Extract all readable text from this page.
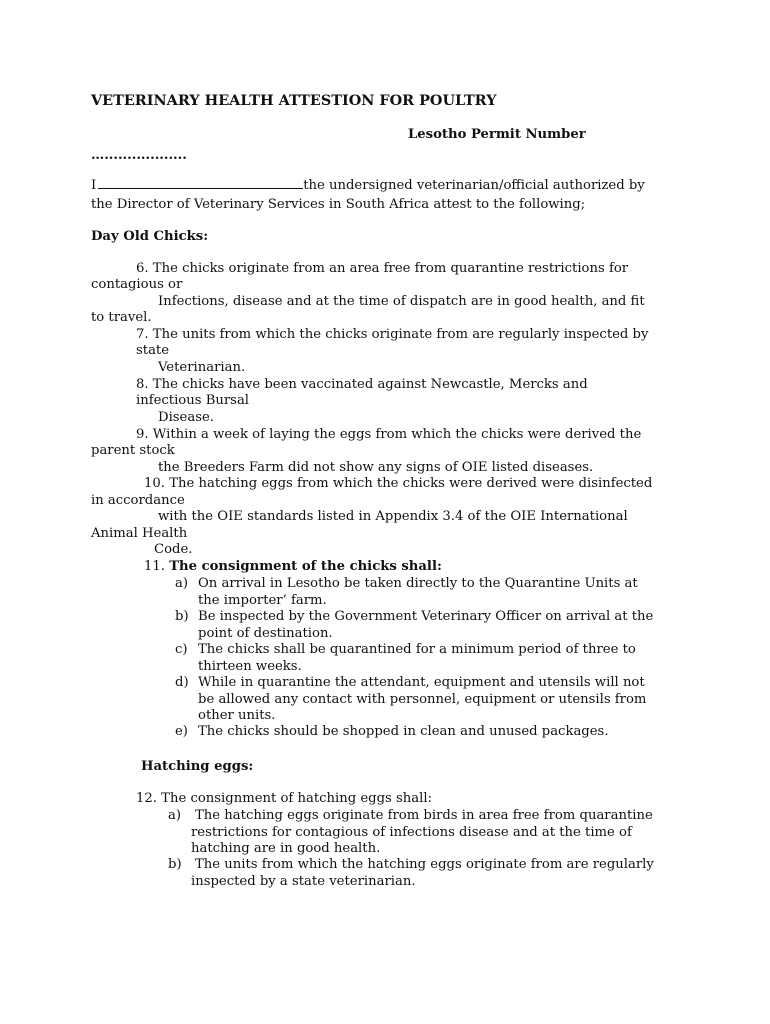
VETERINARY HEALTH ATTESTION FOR POULTRY
Lesotho Permit Number
…..................
I	the undersigned veterinarian/official authorized by
the Director of Veterinary Services in South Africa attest to the following;
Day Old Chicks:
6. The chicks originate from an area free from quarantine restrictions for
contagious or
Infections, disease and at the time of dispatch are in good health, and fit
to travel.
7. The units from which the chicks originate from are regularly inspected by
state
Veterinarian.
8. The chicks have been vaccinated against Newcastle, Mercks and
infectious Bursal
Disease.
9. Within a week of laying the eggs from which the chicks were derived the
parent stock
the Breeders Farm did not show any signs of OIE listed diseases.
10. The hatching eggs from which the chicks were derived were disinfected
in accordance
with the OIE standards listed in Appendix 3.4 of the OIE International
Animal Health
Code.
11. The consignment of the chicks shall:
a) On arrival in Lesotho be taken directly to the Quarantine Units at
the importer’ farm.
b) Be inspected by the Government Veterinary Officer on arrival at the
point of destination.
c) The chicks shall be quarantined for a minimum period of three to
thirteen weeks.
d) While in quarantine the attendant, equipment and utensils will not
be allowed any contact with personnel, equipment or utensils from
other units.
e) The chicks should be shopped in clean and unused packages.
Hatching eggs:
12. The consignment of hatching eggs shall:
a) The hatching eggs originate from birds in area free from quarantine
restrictions for contagious of infections disease and at the time of
hatching are in good health.
b) The units from which the hatching eggs originate from are regularly
inspected by a state veterinarian.
